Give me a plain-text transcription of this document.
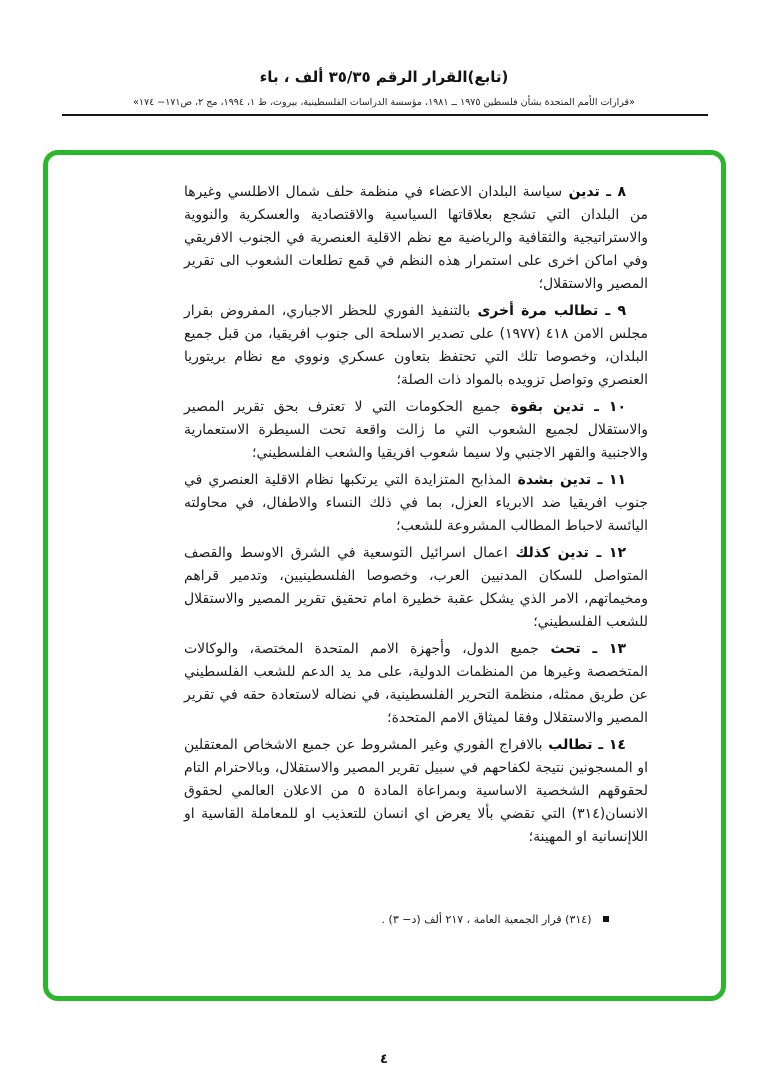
(تابع)القرار الرقم ٣٥/٣٥ ألف ، باء
«قرارات الأمم المتحدة بشأن فلسطين ١٩٧٥ ــ ١٩٨١، مؤسسة الدراسات الفلسطينية، بيروت، ط ١، ١٩٩٤، مج ٢، ص١٧١− ١٧٤»

٨ ـ تدين سياسة البلدان الاعضاء في منظمة حلف شمال الاطلسي وغيرها من البلدان التي تشجع بعلاقاتها السياسية والاقتصادية والعسكرية والنووية والاستراتيجية والثقافية والرياضية مع نظم الاقلية العنصرية في الجنوب الافريقي وفي اماكن اخرى على استمرار هذه النظم في قمع تطلعات الشعوب الى تقرير المصير والاستقلال؛

٩ ـ تطالب مرة أخرى بالتنفيذ الفوري للحظر الاجباري، المفروض بقرار مجلس الامن ٤١٨ (١٩٧٧) على تصدير الاسلحة الى جنوب افريقيا، من قبل جميع البلدان، وخصوصا تلك التي تحتفظ بتعاون عسكري ونووي مع نظام بريتوريا العنصري وتواصل تزويده بالمواد ذات الصلة؛

١٠ ـ تدين بقوة جميع الحكومات التي لا تعترف بحق تقرير المصير والاستقلال لجميع الشعوب التي ما زالت واقعة تحت السيطرة الاستعمارية والاجنبية والقهر الاجنبي ولا سيما شعوب افريقيا والشعب الفلسطيني؛

١١ ـ تدين بشدة المذابح المتزايدة التي يرتكبها نظام الاقلية العنصري في جنوب افريقيا ضد الابرياء العزل، بما في ذلك النساء والاطفال، في محاولته اليائسة لاحباط المطالب المشروعة للشعب؛

١٢ ـ تدين كذلك اعمال اسرائيل التوسعية في الشرق الاوسط والقصف المتواصل للسكان المدنيين العرب، وخصوصا الفلسطينيين، وتدمير قراهم ومخيماتهم، الامر الذي يشكل عقبة خطيرة امام تحقيق تقرير المصير والاستقلال للشعب الفلسطيني؛

١٣ ـ تحث جميع الدول، وأجهزة الامم المتحدة المختصة، والوكالات المتخصصة وغيرها من المنظمات الدولية، على مد يد الدعم للشعب الفلسطيني عن طريق ممثله، منظمة التحرير الفلسطينية، في نضاله لاستعادة حقه في تقرير المصير والاستقلال وفقا لميثاق الامم المتحدة؛

١٤ ـ تطالب بالافراج الفوري وغير المشروط عن جميع الاشخاص المعتقلين او المسجونين نتيجة لكفاحهم في سبيل تقرير المصير والاستقلال، وبالاحترام التام لحقوقهم الشخصية الاساسية وبمراعاة المادة ٥ من الاعلان العالمي لحقوق الانسان(٣١٤) التي تقضي بألا يعرض اي انسان للتعذيب او للمعاملة القاسية او اللاإنسانية او المهينة؛

(٣١٤) قرار الجمعية العامة ، ٢١٧ ألف (د− ٣) .
٤
